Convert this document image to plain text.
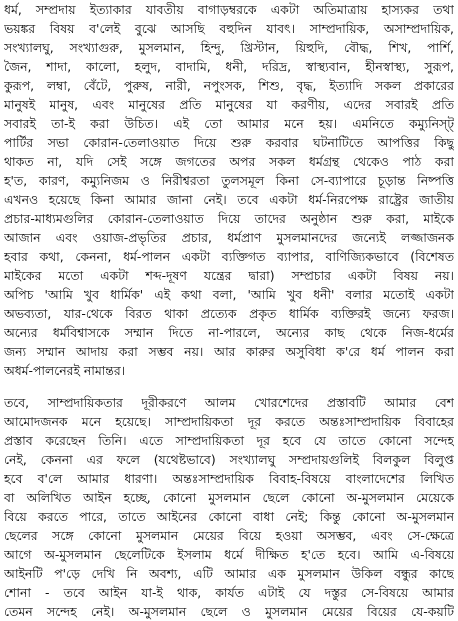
ধর্ম, সম্প্রদায় ইত্যাকার যাবতীয় বাগাড়ম্বরকে একটা অতিমাত্রায় হাস্যকর তথা
ভয়ঙ্কর বিষয় ব'লেই বুঝে আসছি বহুদিন যাবৎ। সাম্প্রদায়িক, অসাম্প্রদায়িক,
সংখ্যালঘু, সংখ্যাগুরু, মুসলমান, হিন্দু, খ্রিস্টান, য়িহুদি, বৌদ্ধ, শিখ, পার্শি,
জৈন, শাদা, কালো, হলুদ, বাদামি, ধনী, দরিদ্র, স্বাস্থ্যবান, হীনস্বাস্থ্য, সুরূপ,
কুরূপ, লম্বা, বেঁটে, পুরুষ, নারী, নপুংসক, শিশু, বৃদ্ধ, ইত্যাদি সকল প্রকারের
মানুষই মানুষ, এবং মানুষের প্রতি মানুষের যা করণীয়, এদের সবারই প্রতি
সবারই তা-ই করা উচিত। এই তো আমার মনে হয়। এমনিতে কম্যুনিস্ট্
পার্টির সভা কোরান-তেলাওয়াত দিয়ে শুরু করবার ঘটনাটিতে আপত্তির কিছু
থাকত না, যদি সেই সঙ্গে জগতের অপর সকল ধর্মগ্রন্থ থেকেও পাঠ করা
হ'ত, কারণ, কম্যুনিজম ও নিরীশ্বরতা তুলসমূল কিনা সে-ব্যাপারে চূড়ান্ত নিষ্পত্তি
এখনও হয়েছে কিনা আমার জানা নেই। তবে একটা ধর্ম-নিরপেক্ষ রাষ্ট্রের জাতীয়
প্রচার-মাধ্যমগুলির কোরান-তেলাওয়াত দিয়ে তাদের অনুষ্ঠান শুরু করা, মাইকে
আজান এবং ওয়াজ-প্রভৃতির প্রচার, ধর্মপ্রাণ মুসলমানদের জন্যেই লজ্জাজনক
হবার কথা, কেননা, ধর্ম-পালন একটা ব্যক্তিগত ব্যাপার, বাণিজ্যিকভাবে (বিশেষত
মাইকের মতো একটা শব্দ-দূষণ যন্ত্রের দ্বারা) সম্প্রচার একটা বিষয় নয়।
অপিচ 'আমি খুব ধার্মিক' এই কথা বলা, 'আমি খুব ধনী' বলার মতোই একটা
অভব্যতা, যার-থেকে বিরত থাকা প্রত্যেক প্রকৃত ধার্মিক ব্যক্তিরই জন্যে ফরজ।
অন্যের ধর্মবিশ্বাসকে সম্মান দিতে না-পারলে, অন্যের কাছ থেকে নিজ-ধর্মের
জন্য সম্মান আদায় করা সম্ভব নয়। আর কারুর অসুবিধা ক'রে ধর্ম পালন করা
অধর্ম-পালনেরই নামান্তর।
তবে, সাম্প্রদায়িকতার দূরীকরণে আলম খোরশেদের প্রস্তাবটি আমার বেশ
আমোদজনক মনে হয়েছে। সাম্প্রদায়িকতা দূর করতে অন্তঃসাম্প্রদায়িক বিবাহের
প্রস্তাব করেছেন তিনি। এতে সাম্প্রদায়িকতা দূর হবে যে তাতে কোনো সন্দেহ
নেই, কেননা এর ফলে (যথেষ্টভাবে) সংখ্যালঘু সম্প্রদায়গুলিই বিলকুল বিলুপ্ত
হবে ব'লে আমার ধারণা। অন্তঃসাম্প্রদায়িক বিবাহ-বিষয়ে বাংলাদেশের লিখিত
বা অলিখিত আইন হচ্ছে, কোনো মুসলমান ছেলে কোনো অ-মুসলমান মেয়েকে
বিয়ে করতে পারে, তাতে আইনের কোনো বাধা নেই; কিন্তু কোনো অ-মুসলমান
ছেলের সঙ্গে কোনো মুসলমান মেয়ের বিয়ে হওয়া অসম্ভব, এবং সে-ক্ষেত্রে
আগে অ-মুসলমান ছেলেটিকে ইসলাম ধর্মে দীক্ষিত হ'তে হবে। আমি এ-বিষয়ে
আইনটি প'ড়ে দেখি নি অবশ্য, এটি আমার এক মুসলমান উকিল বন্ধুর কাছে
শোনা - তবে আইন যা-ই থাক, কার্যত এটাই যে দস্তুর সে-বিষয়ে আমার
তেমন সন্দেহ নেই। অ-মুসলমান ছেলে ও মুসলমান মেয়ের বিয়ের যে-কয়টি
